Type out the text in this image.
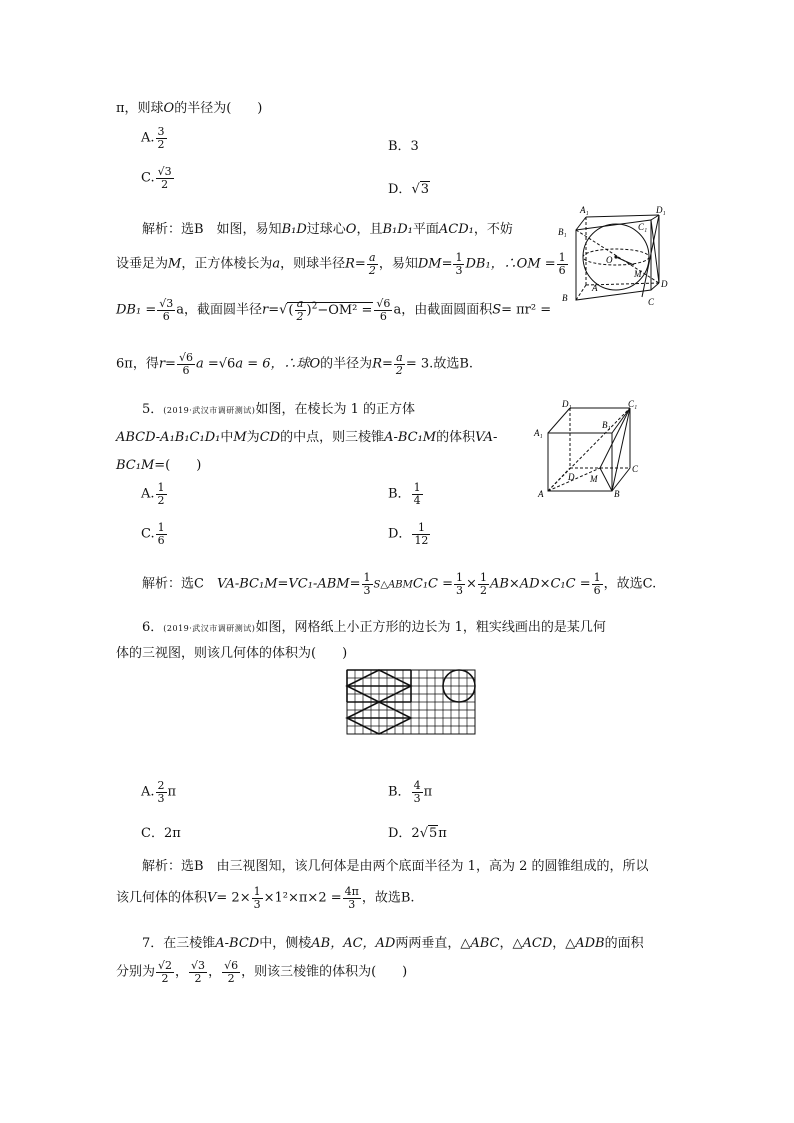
π，则球O的半径为(　　)
A. $\frac{3}{2}$	B．3
C. $\frac{√3}{2}$	D．√3
解析：选B　如图，易知B₁D过球心O，且B₁D₁平面ACD₁，不妨
设垂足为M，正方体棱长为a，则球半径$R= \frac{a}{2}$ ，易知$DM= \frac{1}{3} DB_1$，∴OM = $\frac{1}{6}$
$DB_1 = \frac{√3}{6}$ a，截面圆半径$r=√( \frac{a}{2} )^2-OM^2 = \frac{√6}{6}$ a，由截面圆面积S= πr² =
6π，得$r= \frac{√6}{6}$ a =√6a = 6，∴球O的半径为$R= \frac{a}{2} = 3$.故选B.
A₁	D₁
B₁	C₁
O
M
B
A
C
D
5．(2019·武汉市调研测试)如图，在棱长为 1 的正方体
ABCD-A₁B₁C₁D₁中M为CD的中点，则三棱锥A-BC₁M的体积VA-
BC₁M=(　　)
A. $\frac{1}{2}$	B． $\frac{1}{4}$
C. $\frac{1}{6}$	D． $\frac{1}{12}$
解析：选C　$VA-BC_1M=VC_1-ABM= \frac{1}{3}$ S△ABMC₁C = $\frac{1}{3} \times \frac{1}{2} AB\times AD\times C_1C = \frac{1}{6}$ ，故选C.
D₁	C₁
B₁
A₁
D
C
M
A	B
6．(2019·武汉市调研测试)如图，网格纸上小正方形的边长为 1，粗实线画出的是某几何
体的三视图，则该几何体的体积为(　　)
A. $\frac{2}{3}$ π	B． $\frac{4}{3}$ π
C．2π	D．2√5π
解析：选B　由三视图知，该几何体是由两个底面半径为 1，高为 2 的圆锥组成的，所以
该几何体的体积$V= 2\times \frac{1}{3} \times 1^2\times\pi\times 2 = \frac{4\pi}{3}$ ，故选B.
7．在三棱锥A-BCD中，侧棱AB，AC，AD两两垂直，△ABC，△ACD，△ADB的面积
分别为 $\frac{√2}{2}$ ， $\frac{√3}{2}$ ， $\frac{√6}{2}$ ，则该三棱锥的体积为(　　)
